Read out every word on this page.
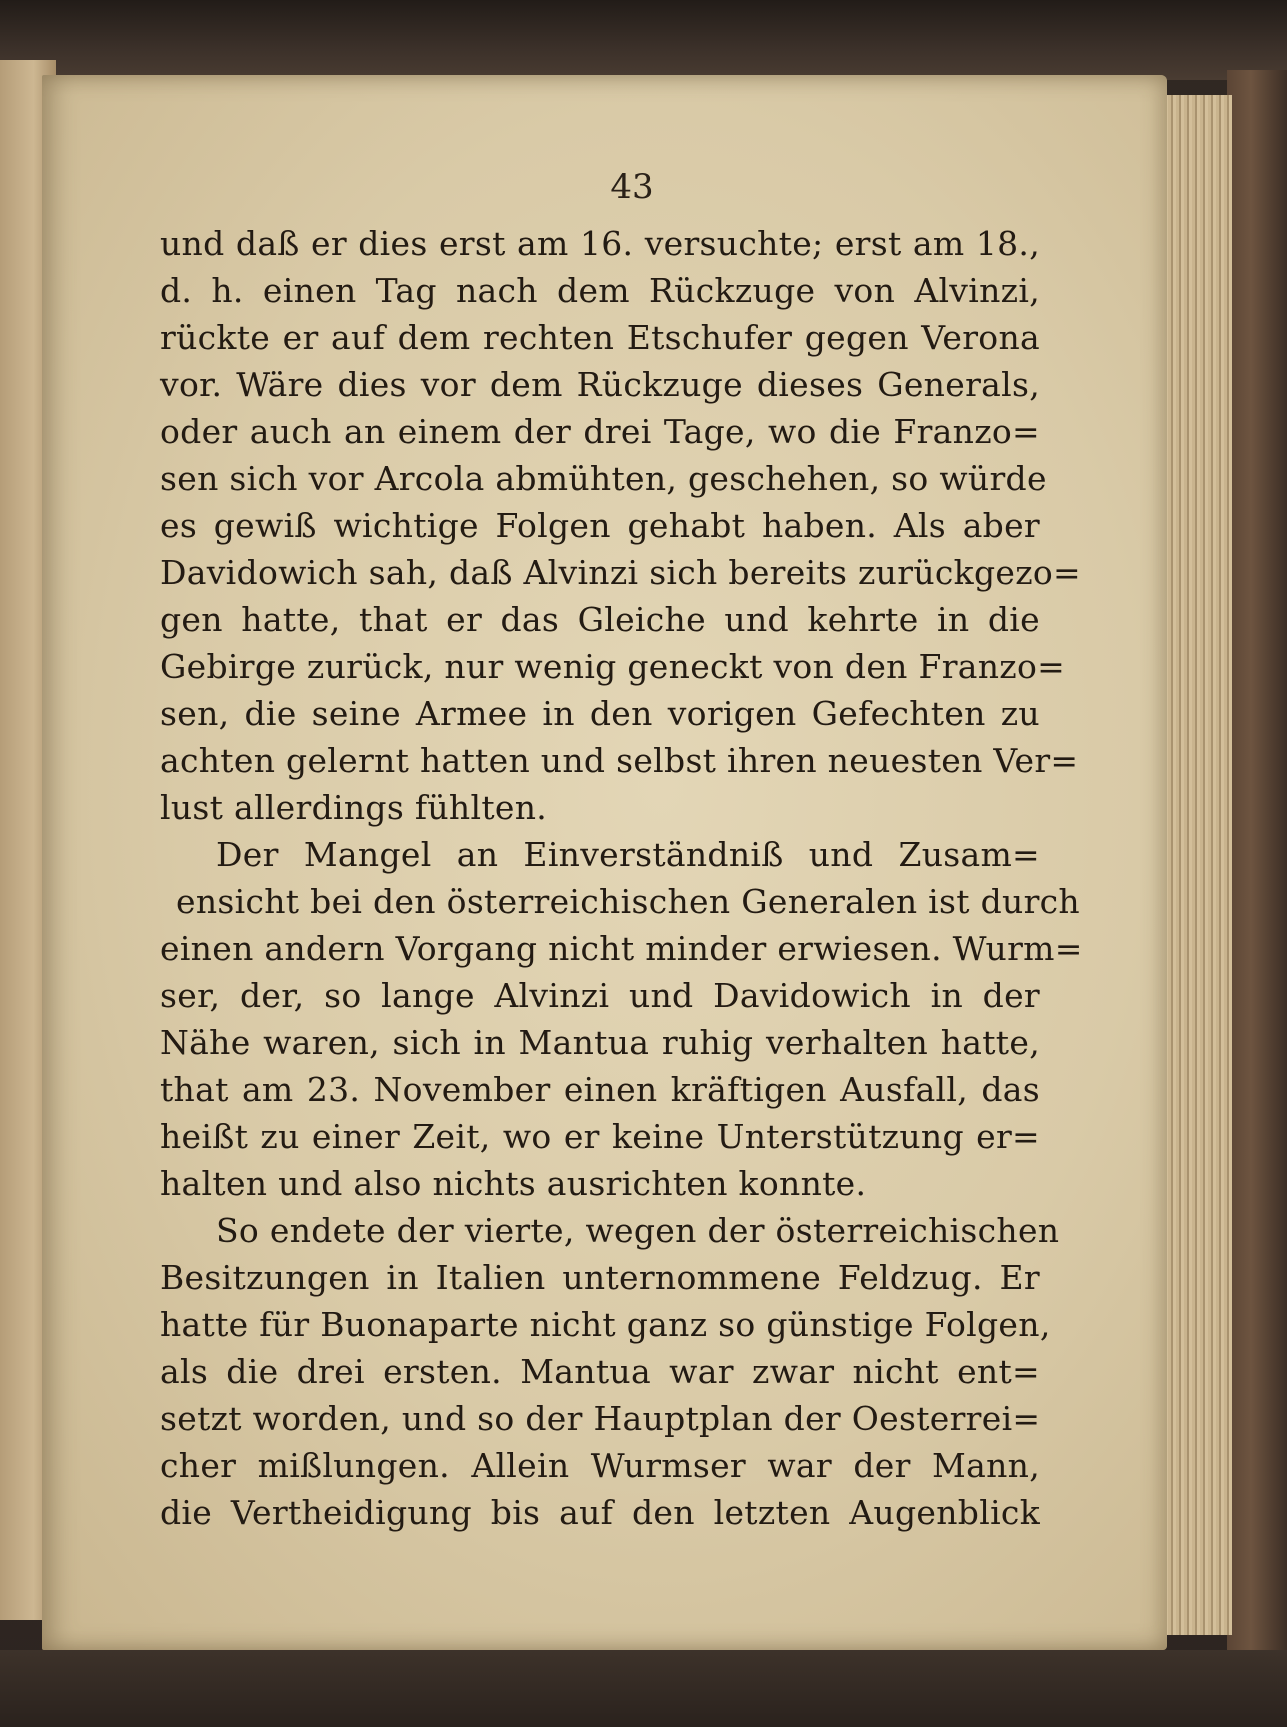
43
und daß er dies erst am 16. versuchte; erst am 18.,
d. h. einen Tag nach dem Rückzuge von Alvinzi,
rückte er auf dem rechten Etschufer gegen Verona
vor. Wäre dies vor dem Rückzuge dieses Generals,
oder auch an einem der drei Tage, wo die Franzo=
sen sich vor Arcola abmühten, geschehen, so würde
es gewiß wichtige Folgen gehabt haben. Als aber
Davidowich sah, daß Alvinzi sich bereits zurückgezo=
gen hatte, that er das Gleiche und kehrte in die
Gebirge zurück, nur wenig geneckt von den Franzo=
sen, die seine Armee in den vorigen Gefechten zu
achten gelernt hatten und selbst ihren neuesten Ver=
lust allerdings fühlten.
Der Mangel an Einverständniß und Zusam=
ensicht bei den österreichischen Generalen ist durch
einen andern Vorgang nicht minder erwiesen. Wurm=
ser, der, so lange Alvinzi und Davidowich in der
Nähe waren, sich in Mantua ruhig verhalten hatte,
that am 23. November einen kräftigen Ausfall, das
heißt zu einer Zeit, wo er keine Unterstützung er=
halten und also nichts ausrichten konnte.
So endete der vierte, wegen der österreichischen
Besitzungen in Italien unternommene Feldzug. Er
hatte für Buonaparte nicht ganz so günstige Folgen,
als die drei ersten. Mantua war zwar nicht ent=
setzt worden, und so der Hauptplan der Oesterrei=
cher mißlungen. Allein Wurmser war der Mann,
die Vertheidigung bis auf den letzten Augenblick
